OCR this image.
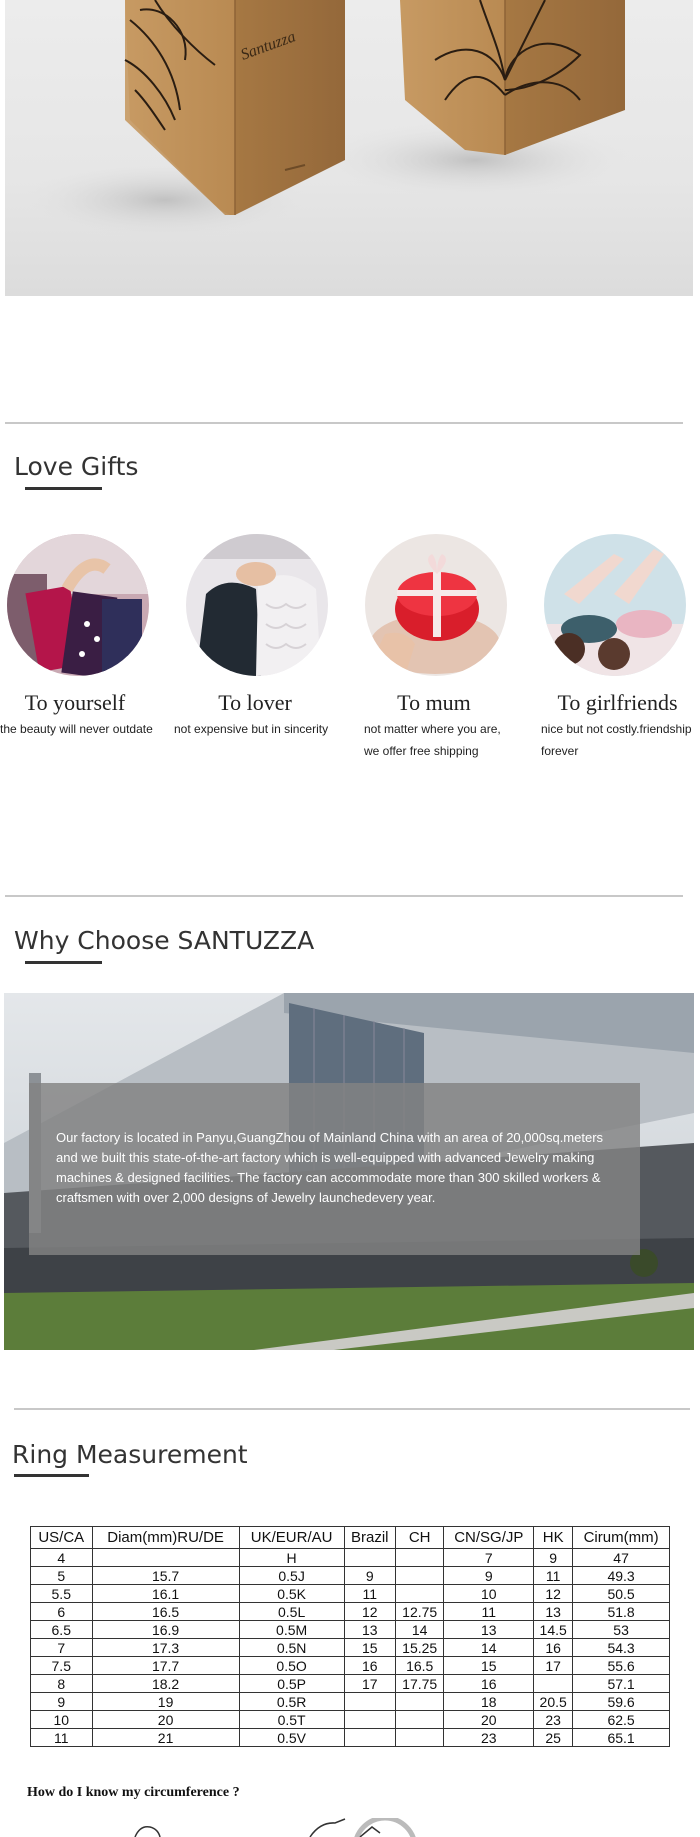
Santuzza
Love Gifts
To yourself	To lover	To mum	To girlfriends
the beauty will never outdate	not expensive but in sincerity	not matter where you are,
we offer free shipping
nice but not costly.friendship
forever
Why Choose SANTUZZA
Our factory is located in Panyu,GuangZhou of Mainland China with an area of 20,000sq.meters and we built this state-of-the-art factory which is well-equipped with advanced Jewelry making machines & designed facilities. The factory can accommodate more than 300 skilled workers & craftsmen with over 2,000 designs of Jewelry launchedevery year.
Ring Measurement
US/CA	Diam(mm)RU/DE	UK/EUR/AU	Brazil	CH	CN/SG/JP	HK	Cirum(mm)
4		H			7	9	47
5	15.7	0.5J	9		9	11	49.3
5.5	16.1	0.5K	11		10	12	50.5
6	16.5	0.5L	12	12.75	11	13	51.8
6.5	16.9	0.5M	13	14	13	14.5	53
7	17.3	0.5N	15	15.25	14	16	54.3
7.5	17.7	0.5O	16	16.5	15	17	55.6
8	18.2	0.5P	17	17.75	16		57.1
9	19	0.5R			18	20.5	59.6
10	20	0.5T			20	23	62.5
11	21	0.5V			23	25	65.1
How do I know my circumference ?
